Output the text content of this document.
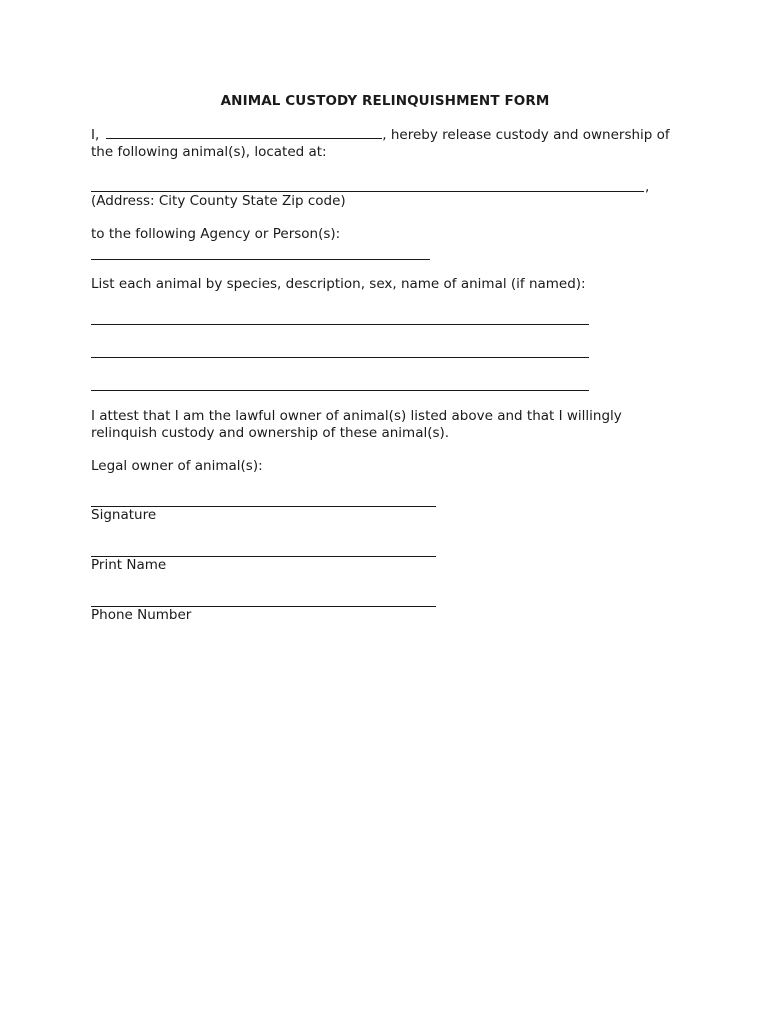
ANIMAL CUSTODY RELINQUISHMENT FORM
I,	, hereby release custody and ownership of
the following animal(s), located at:
,
(Address: City County State Zip code)
to the following Agency or Person(s):
List each animal by species, description, sex, name of animal (if named):
I attest that I am the lawful owner of animal(s) listed above and that I willingly
relinquish custody and ownership of these animal(s).
Legal owner of animal(s):
Signature
Print Name
Phone Number
